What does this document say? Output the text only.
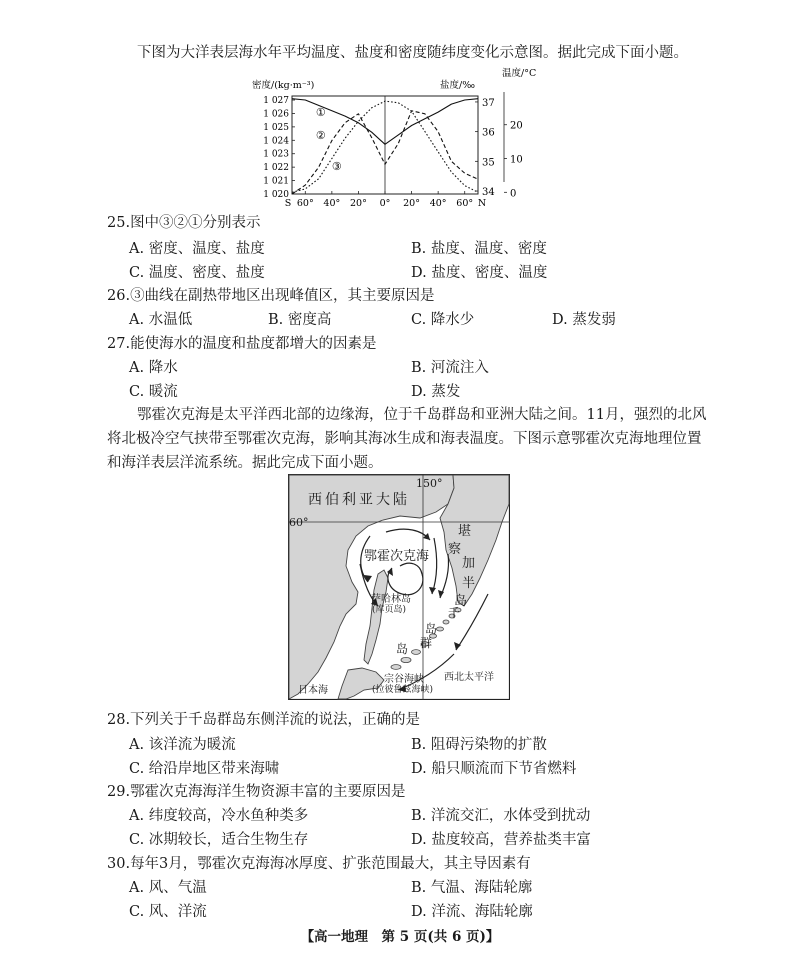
下图为大洋表层海水年平均温度、盐度和密度随纬度变化示意图。据此完成下面小题。
密度/(kg·m⁻³)	盐度/‰
温度/°C
1 020
1 021
1 022
1 023
1 024
1 025
1 026
1 027
34
35
36
37
0
10
20
S 60° 40° 20° 0° 20° 40° 60° N
①
②
③
25.图中③②①分别表示
A. 密度、温度、盐度	B. 盐度、温度、密度
C. 温度、密度、盐度	D. 盐度、密度、温度
26.③曲线在副热带地区出现峰值区，其主要原因是
A. 水温低	B. 密度高	C. 降水少	D. 蒸发弱
27.能使海水的温度和盐度都增大的因素是
A. 降水	B. 河流注入
C. 暖流	D. 蒸发
鄂霍次克海是太平洋西北部的边缘海，位于千岛群岛和亚洲大陆之间。11月，强烈的北风
将北极冷空气挟带至鄂霍次克海，影响其海冰生成和海表温度。下图示意鄂霍次克海地理位置
和海洋表层洋流系统。据此完成下面小题。
150°
60°
西伯利亚大陆
鄂霍次克海
堪
察
加
半
岛
萨哈林岛
(库页岛)	千
岛
群
岛
日本海
宗谷海峡
(拉彼鲁兹海峡)
西北太平洋
28.下列关于千岛群岛东侧洋流的说法，正确的是
A. 该洋流为暖流	B. 阻碍污染物的扩散
C. 给沿岸地区带来海啸	D. 船只顺流而下节省燃料
29.鄂霍次克海海洋生物资源丰富的主要原因是
A. 纬度较高，冷水鱼种类多	B. 洋流交汇，水体受到扰动
C. 冰期较长，适合生物生存	D. 盐度较高，营养盐类丰富
30.每年3月，鄂霍次克海海冰厚度、扩张范围最大，其主导因素有
A. 风、气温	B. 气温、海陆轮廓
C. 风、洋流	D. 洋流、海陆轮廓
【高一地理　第 5 页(共 6 页)】
